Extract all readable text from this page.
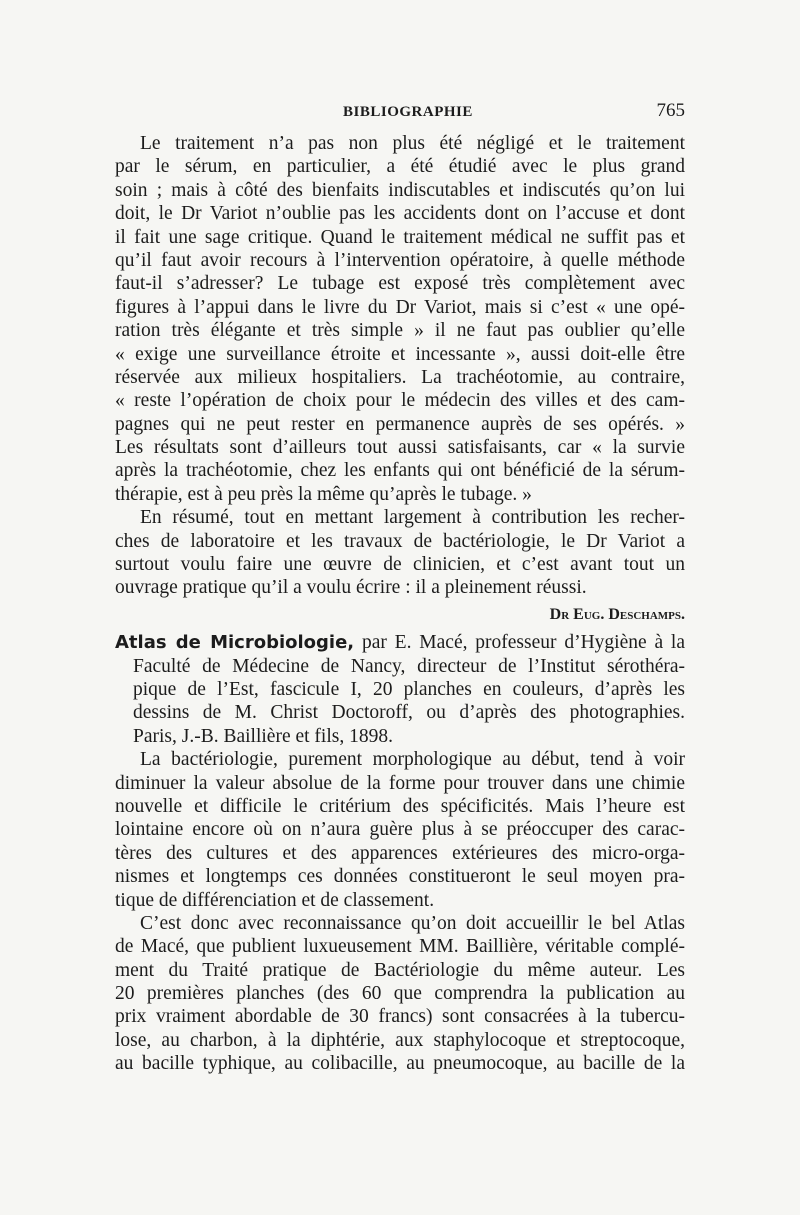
BIBLIOGRAPHIE	765
Le traitement n’a pas non plus été négligé et le traitement
par le sérum, en particulier, a été étudié avec le plus grand
soin ; mais à côté des bienfaits indiscutables et indiscutés qu’on lui
doit, le Dr Variot n’oublie pas les accidents dont on l’accuse et dont
il fait une sage critique. Quand le traitement médical ne suffit pas et
qu’il faut avoir recours à l’intervention opératoire, à quelle méthode
faut-il s’adresser? Le tubage est exposé très complètement avec
figures à l’appui dans le livre du Dr Variot, mais si c’est « une opé-
ration très élégante et très simple » il ne faut pas oublier qu’elle
« exige une surveillance étroite et incessante », aussi doit-elle être
réservée aux milieux hospitaliers. La trachéotomie, au contraire,
« reste l’opération de choix pour le médecin des villes et des cam-
pagnes qui ne peut rester en permanence auprès de ses opérés. »
Les résultats sont d’ailleurs tout aussi satisfaisants, car « la survie
après la trachéotomie, chez les enfants qui ont bénéficié de la sérum-
thérapie, est à peu près la même qu’après le tubage. »
En résumé, tout en mettant largement à contribution les recher-
ches de laboratoire et les travaux de bactériologie, le Dr Variot a
surtout voulu faire une œuvre de clinicien, et c’est avant tout un
ouvrage pratique qu’il a voulu écrire : il a pleinement réussi.
Dr Eug. Deschamps.
Atlas de Microbiologie, par E. Macé, professeur d’Hygiène à la
Faculté de Médecine de Nancy, directeur de l’Institut sérothéra-
pique de l’Est, fascicule I, 20 planches en couleurs, d’après les
dessins de M. Christ Doctoroff, ou d’après des photographies.
Paris, J.-B. Baillière et fils, 1898.
La bactériologie, purement morphologique au début, tend à voir
diminuer la valeur absolue de la forme pour trouver dans une chimie
nouvelle et difficile le critérium des spécificités. Mais l’heure est
lointaine encore où on n’aura guère plus à se préoccuper des carac-
tères des cultures et des apparences extérieures des micro-orga-
nismes et longtemps ces données constitueront le seul moyen pra-
tique de différenciation et de classement.
C’est donc avec reconnaissance qu’on doit accueillir le bel Atlas
de Macé, que publient luxueusement MM. Baillière, véritable complé-
ment du Traité pratique de Bactériologie du même auteur. Les
20 premières planches (des 60 que comprendra la publication au
prix vraiment abordable de 30 francs) sont consacrées à la tubercu-
lose, au charbon, à la diphtérie, aux staphylocoque et streptocoque,
au bacille typhique, au colibacille, au pneumocoque, au bacille de la
